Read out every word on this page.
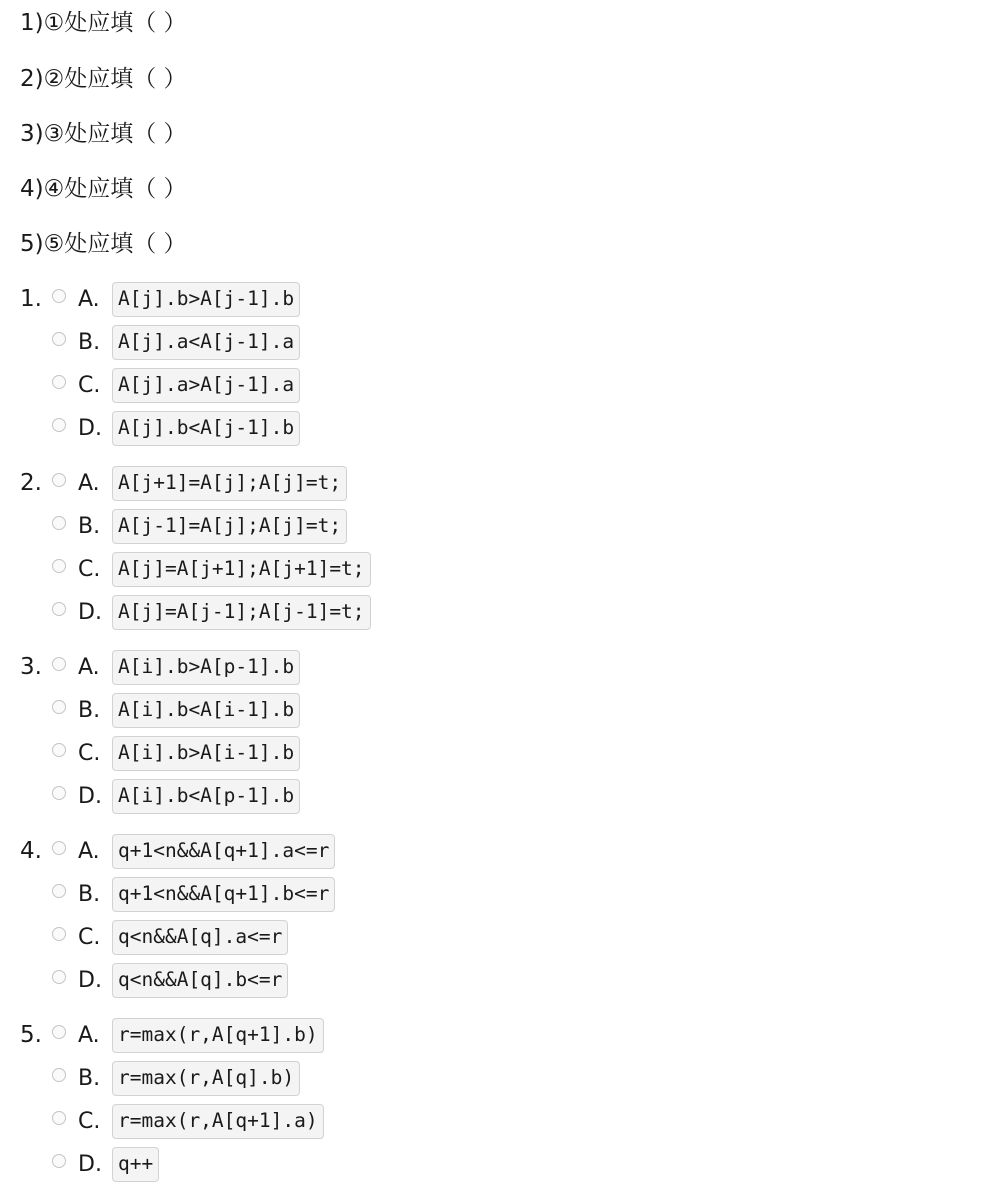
1)①处应填（ ）
2)②处应填（ ）
3)③处应填（ ）
4)④处应填（ ）
5)⑤处应填（ ）
1. A. A[j].b>A[j-1].b
B. A[j].a<A[j-1].a
C. A[j].a>A[j-1].a
D. A[j].b<A[j-1].b
2. A. A[j+1]=A[j];A[j]=t;
B. A[j-1]=A[j];A[j]=t;
C. A[j]=A[j+1];A[j+1]=t;
D. A[j]=A[j-1];A[j-1]=t;
3. A. A[i].b>A[p-1].b
B. A[i].b<A[i-1].b
C. A[i].b>A[i-1].b
D. A[i].b<A[p-1].b
4. A. q+1<n&&A[q+1].a<=r
B. q+1<n&&A[q+1].b<=r
C. q<n&&A[q].a<=r
D. q<n&&A[q].b<=r
5. A. r=max(r,A[q+1].b)
B. r=max(r,A[q].b)
C. r=max(r,A[q+1].a)
D. q++
